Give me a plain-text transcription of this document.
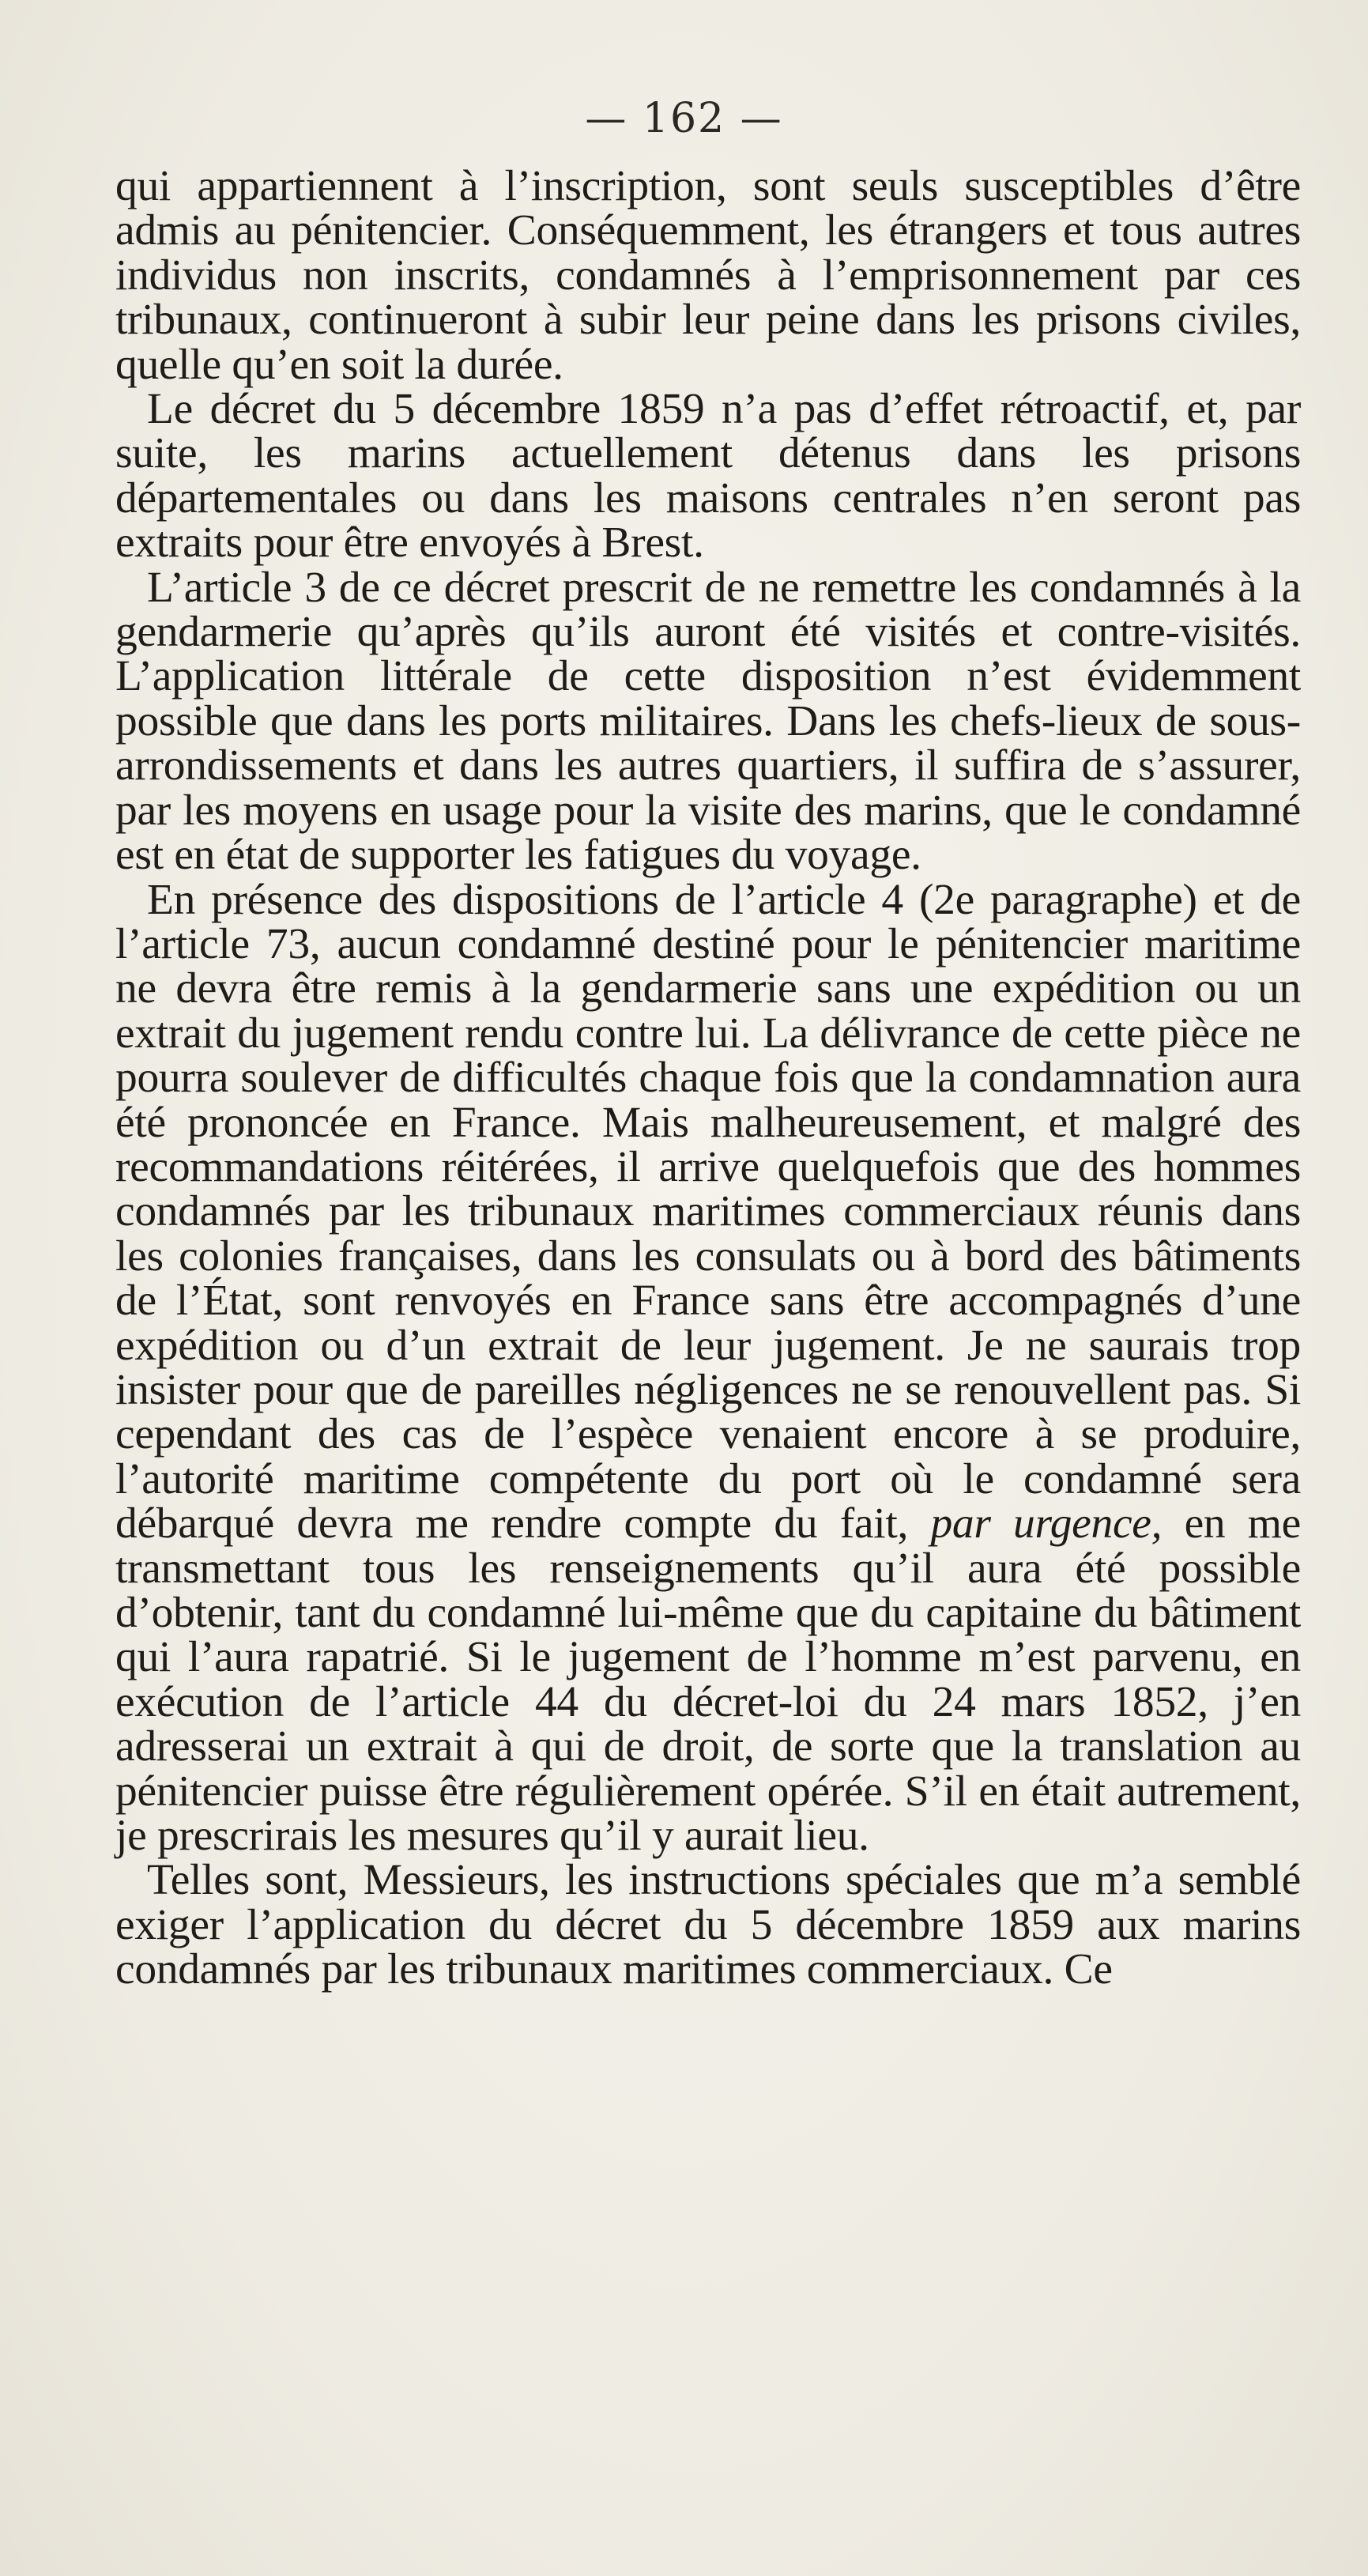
— 162 —

qui appartiennent à l’inscription, sont seuls susceptibles d’être admis au pénitencier. Conséquemment, les étrangers et tous autres individus non inscrits, condamnés à l’emprisonnement par ces tribunaux, continueront à subir leur peine dans les prisons civiles, quelle qu’en soit la durée.

Le décret du 5 décembre 1859 n’a pas d’effet rétroactif, et, par suite, les marins actuellement détenus dans les prisons départementales ou dans les maisons centrales n’en seront pas extraits pour être envoyés à Brest.

L’article 3 de ce décret prescrit de ne remettre les condamnés à la gendarmerie qu’après qu’ils auront été visités et contre-visités. L’application littérale de cette disposition n’est évidemment possible que dans les ports militaires. Dans les chefs-lieux de sous-arrondissements et dans les autres quartiers, il suffira de s’assurer, par les moyens en usage pour la visite des marins, que le condamné est en état de supporter les fatigues du voyage.

En présence des dispositions de l’article 4 (2e paragraphe) et de l’article 73, aucun condamné destiné pour le pénitencier maritime ne devra être remis à la gendarmerie sans une expédition ou un extrait du jugement rendu contre lui. La délivrance de cette pièce ne pourra soulever de difficultés chaque fois que la condamnation aura été prononcée en France. Mais malheureusement, et malgré des recommandations réitérées, il arrive quelquefois que des hommes condamnés par les tribunaux maritimes commerciaux réunis dans les colonies françaises, dans les consulats ou à bord des bâtiments de l’État, sont renvoyés en France sans être accompagnés d’une expédition ou d’un extrait de leur jugement. Je ne saurais trop insister pour que de pareilles négligences ne se renouvellent pas. Si cependant des cas de l’espèce venaient encore à se produire, l’autorité maritime compétente du port où le condamné sera débarqué devra me rendre compte du fait, par urgence, en me transmettant tous les renseignements qu’il aura été possible d’obtenir, tant du condamné lui-même que du capitaine du bâtiment qui l’aura rapatrié. Si le jugement de l’homme m’est parvenu, en exécution de l’article 44 du décret-loi du 24 mars 1852, j’en adresserai un extrait à qui de droit, de sorte que la translation au pénitencier puisse être régulièrement opérée. S’il en était autrement, je prescrirais les mesures qu’il y aurait lieu.

Telles sont, Messieurs, les instructions spéciales que m’a semblé exiger l’application du décret du 5 décembre 1859 aux marins condamnés par les tribunaux maritimes commerciaux. Ce
